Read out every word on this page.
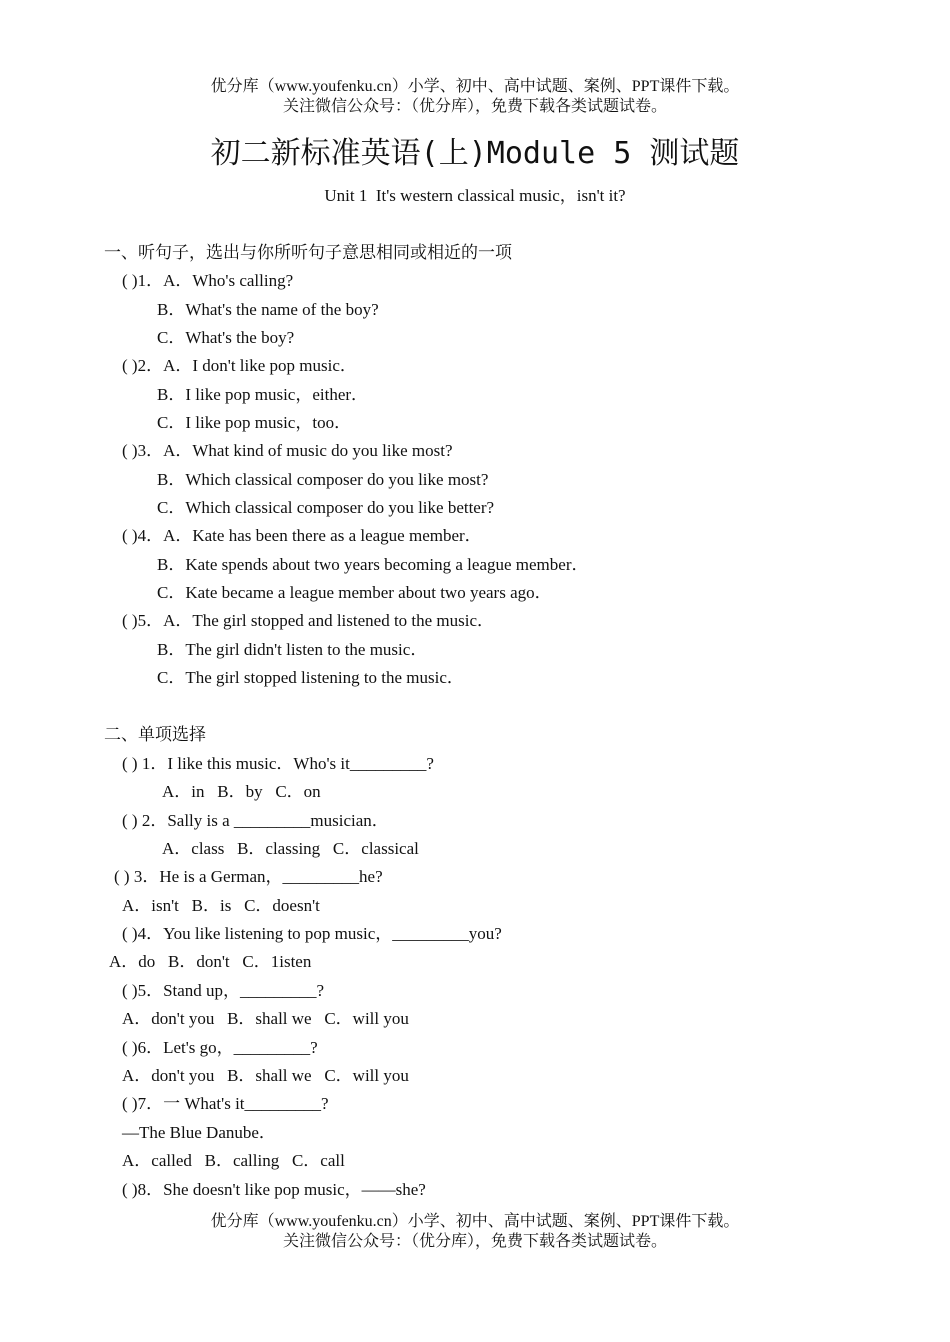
优分库（www.youfenku.cn）小学、初中、高中试题、案例、PPT课件下载。
关注微信公众号：（优分库），免费下载各类试题试卷。
初二新标准英语(上)Module 5 测试题
Unit 1  It's western classical music，isn't it?
一、听句子，选出与你所听句子意思相同或相近的一项
( )1．A．Who's calling?
B．What's the name of the boy?
C．What's the boy?
( )2．A．I don't like pop music．
B．I like pop music，either．
C．I like pop music，too．
( )3．A．What kind of music do you like most?
B．Which classical composer do you like most?
C．Which classical composer do you like better?
( )4．A．Kate has been there as a league member．
B．Kate spends about two years becoming a league member．
C．Kate became a league member about two years ago．
( )5．A．The girl stopped and listened to the music．
B．The girl didn't listen to the music．
C．The girl stopped listening to the music．
二、单项选择
( ) 1．I like this music．Who's it_________?
A．in   B．by   C．on
( ) 2．Sally is a _________musician．
A．class   B．classing   C．classical
( ) 3．He is a German，_________he?
A．isn't   B．is   C．doesn't
( )4．You like listening to pop music，_________you?
A．do   B．don't   C．1isten
( )5．Stand up，_________?
A．don't you   B．shall we   C．will you
( )6．Let's go，_________?
A．don't you   B．shall we   C．will you
( )7．一 What's it_________?
—The Blue Danube．
A．called   B．calling   C．call
( )8．She doesn't like pop music，——she?
优分库（www.youfenku.cn）小学、初中、高中试题、案例、PPT课件下载。
关注微信公众号：（优分库），免费下载各类试题试卷。
